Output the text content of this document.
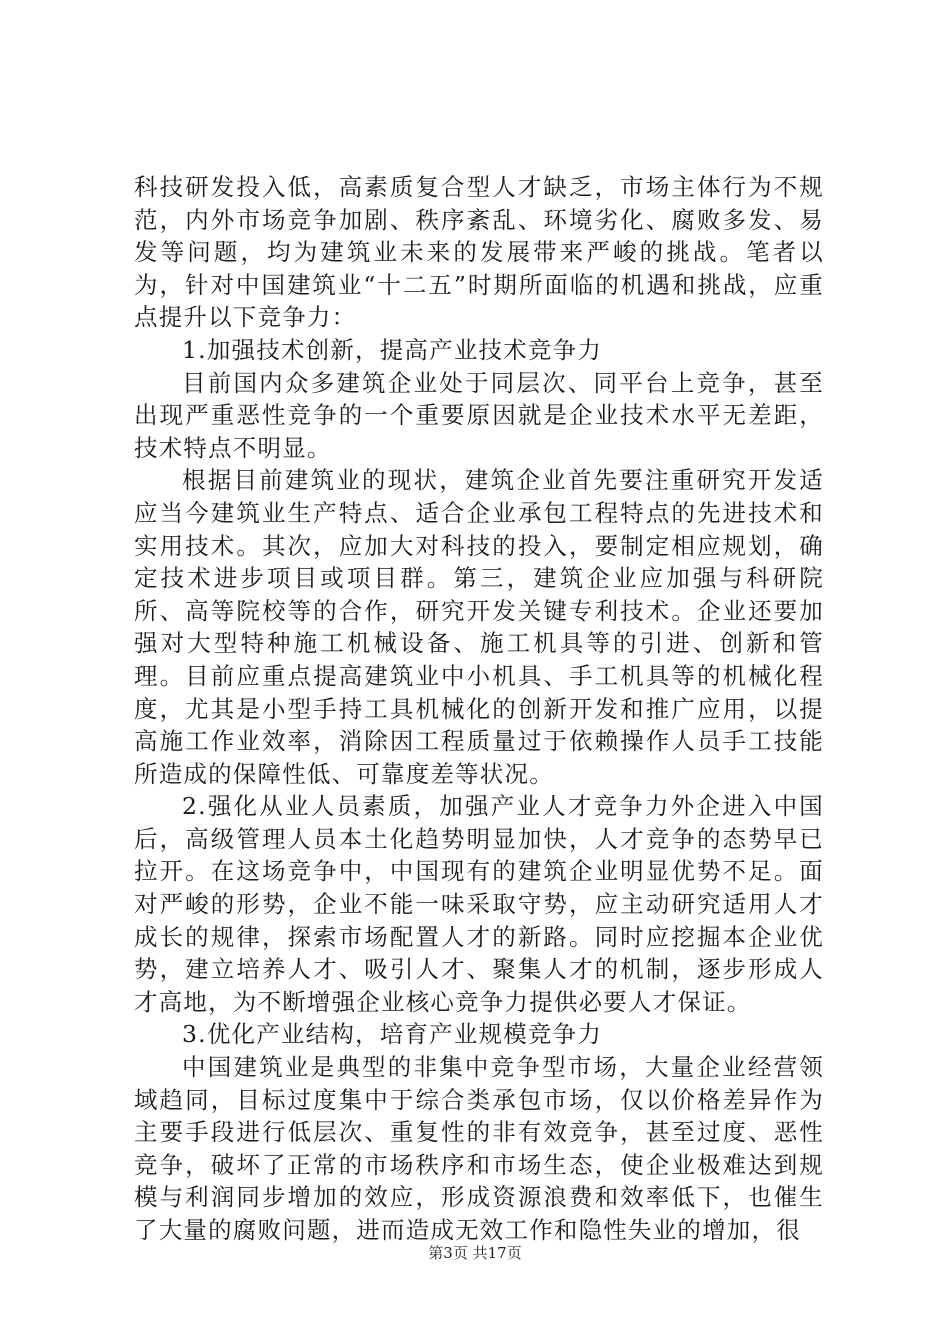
科技研发投入低，高素质复合型人才缺乏，市场主体行为不规范，内外市场竞争加剧、秩序紊乱、环境劣化、腐败多发、易发等问题，均为建筑业未来的发展带来严峻的挑战。笔者以为，针对中国建筑业“十二五”时期所面临的机遇和挑战，应重点提升以下竞争力：

1.加强技术创新，提高产业技术竞争力

目前国内众多建筑企业处于同层次、同平台上竞争，甚至出现严重恶性竞争的一个重要原因就是企业技术水平无差距，技术特点不明显。

根据目前建筑业的现状，建筑企业首先要注重研究开发适应当今建筑业生产特点、适合企业承包工程特点的先进技术和实用技术。其次，应加大对科技的投入，要制定相应规划，确定技术进步项目或项目群。第三，建筑企业应加强与科研院所、高等院校等的合作，研究开发关键专利技术。企业还要加强对大型特种施工机械设备、施工机具等的引进、创新和管理。目前应重点提高建筑业中小机具、手工机具等的机械化程度，尤其是小型手持工具机械化的创新开发和推广应用，以提高施工作业效率，消除因工程质量过于依赖操作人员手工技能所造成的保障性低、可靠度差等状况。

2.强化从业人员素质，加强产业人才竞争力外企进入中国后，高级管理人员本土化趋势明显加快，人才竞争的态势早已拉开。在这场竞争中，中国现有的建筑企业明显优势不足。面对严峻的形势，企业不能一味采取守势，应主动研究适用人才成长的规律，探索市场配置人才的新路。同时应挖掘本企业优势，建立培养人才、吸引人才、聚集人才的机制，逐步形成人才高地，为不断增强企业核心竞争力提供必要人才保证。

3.优化产业结构，培育产业规模竞争力

中国建筑业是典型的非集中竞争型市场，大量企业经营领域趋同，目标过度集中于综合类承包市场，仅以价格差异作为主要手段进行低层次、重复性的非有效竞争，甚至过度、恶性竞争，破坏了正常的市场秩序和市场生态，使企业极难达到规模与利润同步增加的效应，形成资源浪费和效率低下，也催生了大量的腐败问题，进而造成无效工作和隐性失业的增加，很

第3页 共17页
